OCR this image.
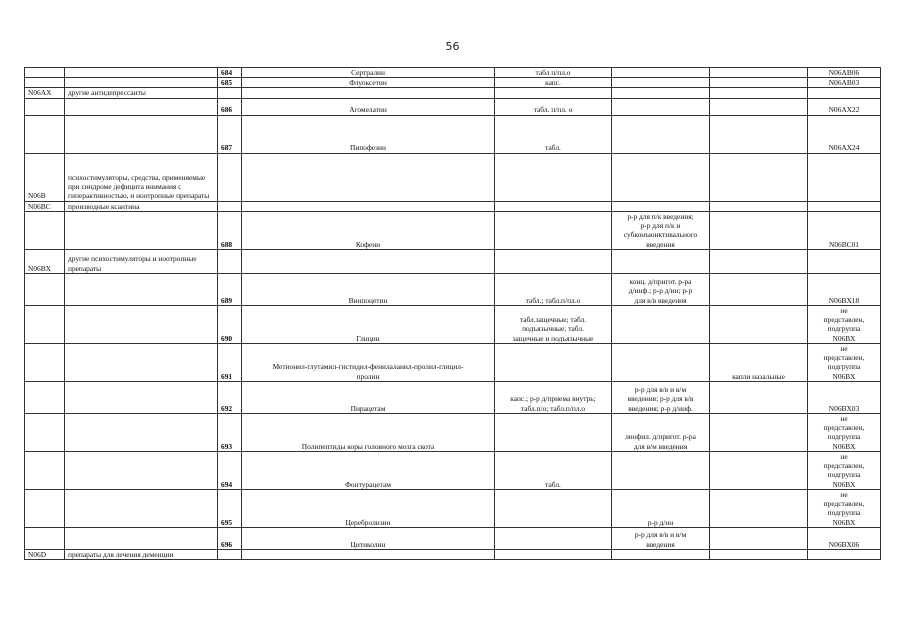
56

		684	Сертралин	табл п/пл.о			N06AB06

		685	Флуоксетин	капс.			N06AB03

N06AX	другие антидепрессанты						

		686	Агомелатин	табл. п/пл. о			N06AX22

		687	Пипофезин	табл.			N06AX24

N06B	психостимуляторы, средства, применяемые при синдроме дефицита внимания с гиперактивностью, и ноотропные препараты						

N06BC	производные ксантина						

		688	Кофеин		р-р для п/к введения;
р-р для п/к и
субконъюнктивального
введения		N06BC01

N06BX	другие психостимуляторы и ноотропные препараты						

		689	Винпоцетин	табл.; табл.п/пл.о	конц. д/пригот. р-ра
д/инф.; р-р д/ин; р-р
для в/в введения		N06BX18

		690	Глицин	табл.защечные; табл.
подъязычные; табл.
защечные и подъязычные			не
представлен,
подгруппа
N06BX

		691	Метионил-глутамил-гистидил-фенилаланил-пролил-глицил-
пролин			капли назальные	не
представлен,
подгруппа
N06BX

		692	Пирацетам	капс.; р-р д/приема внутрь;
табл.п/о; табл.п/пл.о	р-р для в/в и в/м
введения; р-р для в/в
введения; р-р д/инф.		N06BX03

		693	Полипептиды коры головного мозга скота		лиофил. д/пригот. р-ра
для в/м введения		не
представлен,
подгруппа
N06BX

		694	Фонтурацетам	табл.			не
представлен,
подгруппа
N06BX

		695	Церебролизин		р-р д/ин		не
представлен,
подгруппа
N06BX

		696	Цитиколин		р-р для в/в и в/м
введения		N06BX06

N06D	препараты для лечения деменции						
